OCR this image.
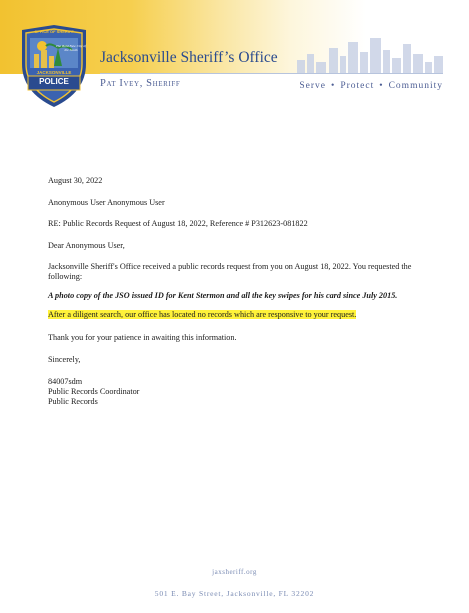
OFFICE OF SHERIFF
The Bold New City of the South
JACKSONVILLE
POLICE
Jacksonville Sheriff’s Office
Pat Ivey, Sheriff	Serve • Protect • Community

August 30, 2022

Anonymous User Anonymous User

RE: Public Records Request of August 18, 2022, Reference # P312623-081822

Dear Anonymous User,

Jacksonville Sheriff's Office received a public records request from you on August 18, 2022. You requested the following:

A photo copy of the JSO issued ID for Kent Stermon and all the key swipes for his card since July 2015.

After a diligent search, our office has located no records which are responsive to your request.

Thank you for your patience in awaiting this information.

Sincerely,

84007sdm

Public Records Coordinator

Public Records

jaxsheriff.org
501 E. Bay Street, Jacksonville, FL 32202
